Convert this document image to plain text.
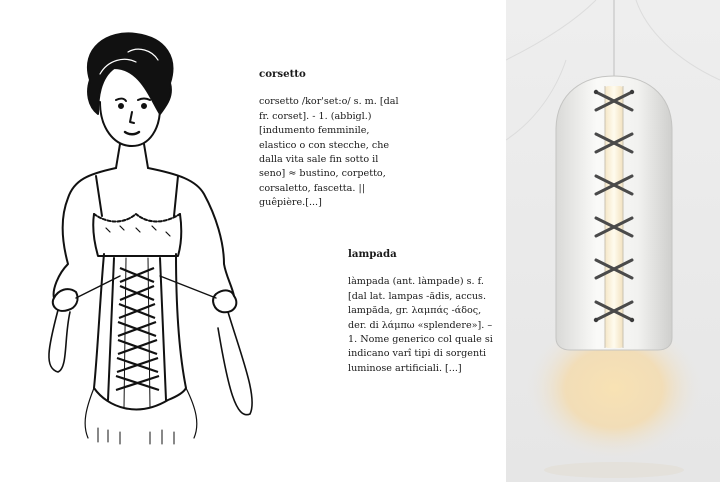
corsetto

corsetto /kor'set:o/ s. m. [dal fr. corset]. - 1. (abbigl.) [indumento femminile, elastico o con stecche, che dalla vita sale fin sotto il seno] ≈ bustino, corpetto, corsaletto, fascetta. || guêpière.[...]

lampada

làmpada (ant. làmpade) s. f. [dal lat. lampas -ădis, accus. lampăda, gr. λαμπάς -άδος, der. di λάμπω «splendere»]. – 1. Nome generico col quale si indicano varî tipi di sorgenti luminose artificiali. [...]
